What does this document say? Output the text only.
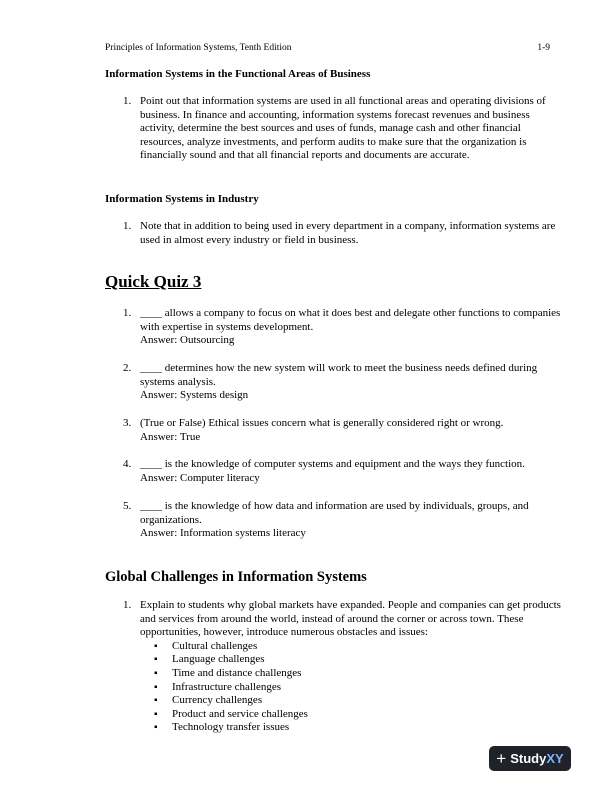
Principles of Information Systems, Tenth Edition	1-9
Information Systems in the Functional Areas of Business
1. Point out that information systems are used in all functional areas and operating divisions of business. In finance and accounting, information systems forecast revenues and business activity, determine the best sources and uses of funds, manage cash and other financial resources, analyze investments, and perform audits to make sure that the organization is financially sound and that all financial reports and documents are accurate.
Information Systems in Industry
1. Note that in addition to being used in every department in a company, information systems are used in almost every industry or field in business.
Quick Quiz 3
1. ____ allows a company to focus on what it does best and delegate other functions to companies with expertise in systems development.
Answer: Outsourcing
2. ____ determines how the new system will work to meet the business needs defined during systems analysis.
Answer: Systems design
3. (True or False) Ethical issues concern what is generally considered right or wrong.
Answer: True
4. ____ is the knowledge of computer systems and equipment and the ways they function.
Answer: Computer literacy
5. ____ is the knowledge of how data and information are used by individuals, groups, and organizations.
Answer: Information systems literacy
Global Challenges in Information Systems
1. Explain to students why global markets have expanded. People and companies can get products and services from around the world, instead of around the corner or across town. These opportunities, however, introduce numerous obstacles and issues:
▪ Cultural challenges
▪ Language challenges
▪ Time and distance challenges
▪ Infrastructure challenges
▪ Currency challenges
▪ Product and service challenges
▪ Technology transfer issues
+ StudyXY
